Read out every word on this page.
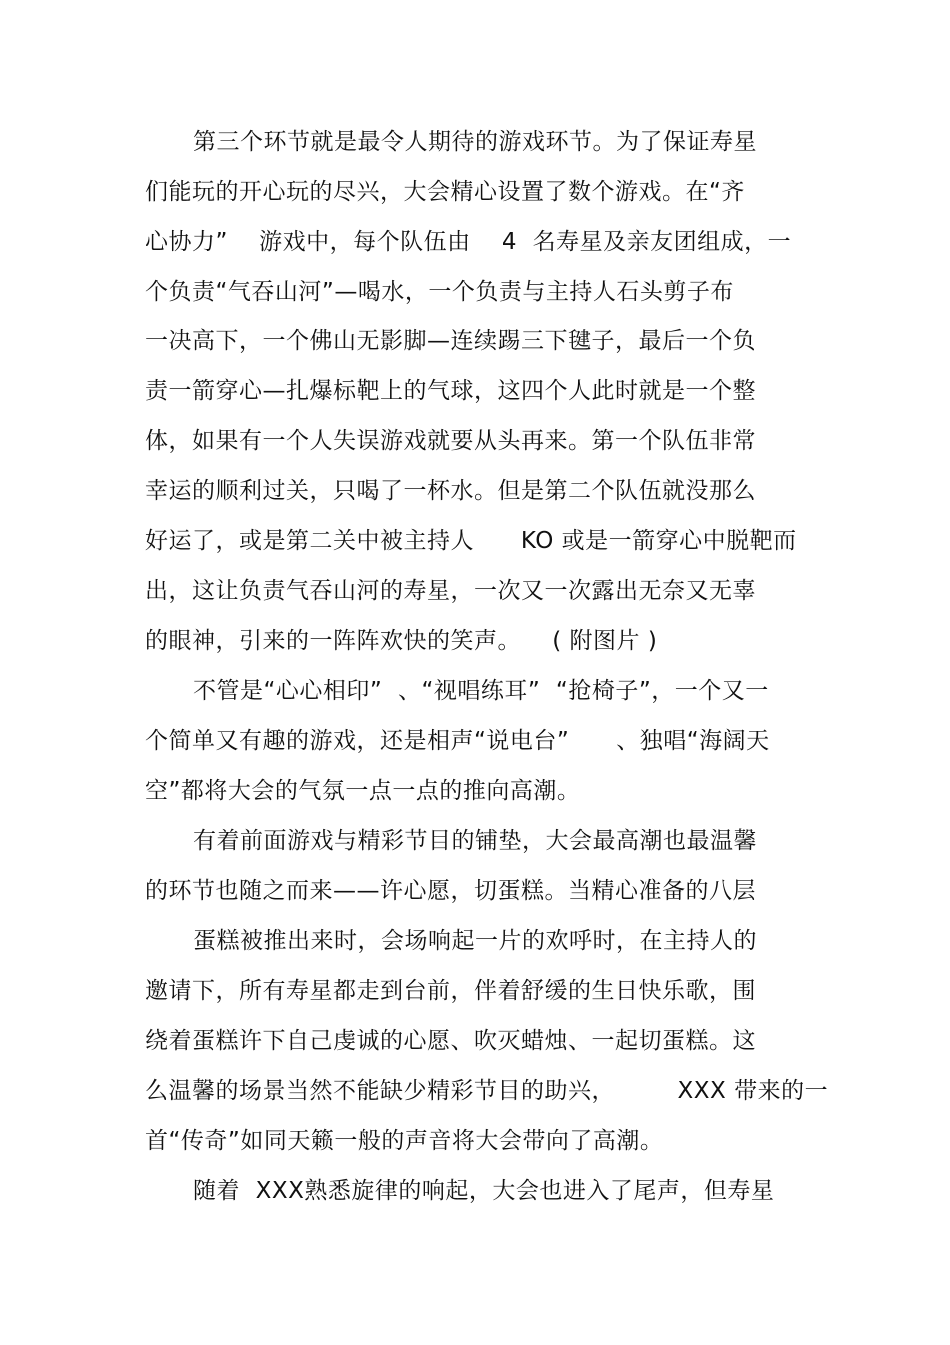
第三个环节就是最令人期待的游戏环节。为了保证寿星
们能玩的开心玩的尽兴，大会精心设置了数个游戏。在“齐
心协力”    游戏中，每个队伍由    4  名寿星及亲友团组成，一
个负责“气吞山河”—喝水，一个负责与主持人石头剪子布
一决高下，一个佛山无影脚—连续踢三下毽子，最后一个负
责一箭穿心—扎爆标靶上的气球，这四个人此时就是一个整
体，如果有一个人失误游戏就要从头再来。第一个队伍非常
幸运的顺利过关，只喝了一杯水。但是第二个队伍就没那么
好运了，或是第二关中被主持人      KO 或是一箭穿心中脱靶而
出，这让负责气吞山河的寿星，一次又一次露出无奈又无辜
的眼神，引来的一阵阵欢快的笑声。    ( 附图片 )
不管是“心心相印”  、“视唱练耳”  “抢椅子”，一个又一
个简单又有趣的游戏，还是相声“说电台”      、独唱“海阔天
空”都将大会的气氛一点一点的推向高潮。
有着前面游戏与精彩节目的铺垫，大会最高潮也最温馨
的环节也随之而来——许心愿，切蛋糕。当精心准备的八层
蛋糕被推出来时，会场响起一片的欢呼时，在主持人的
邀请下，所有寿星都走到台前，伴着舒缓的生日快乐歌，围
绕着蛋糕许下自己虔诚的心愿、吹灭蜡烛、一起切蛋糕。这
么温馨的场景当然不能缺少精彩节目的助兴，        XXX 带来的一
首“传奇”如同天籁一般的声音将大会带向了高潮。
随着  XXX熟悉旋律的响起，大会也进入了尾声，但寿星
